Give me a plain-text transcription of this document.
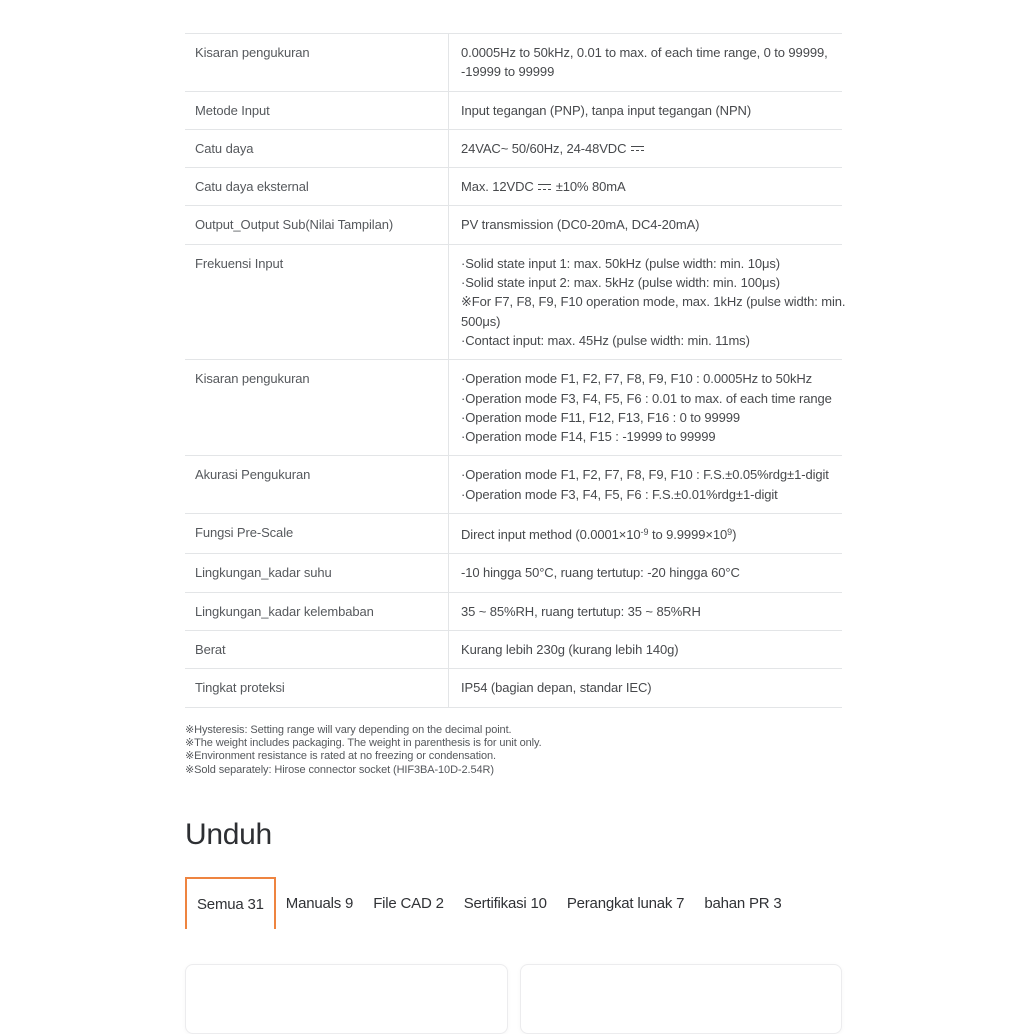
Kisaran pengukuran	0.0005Hz to 50kHz, 0.01 to max. of each time range, 0 to 99999,
-19999 to 99999
Metode Input	Input tegangan (PNP), tanpa input tegangan (NPN)
Catu daya	24VAC~ 50/60Hz, 24-48VDC
Catu daya eksternal	Max. 12VDC  ±10% 80mA
Output_Output Sub(Nilai Tampilan)	PV transmission (DC0-20mA, DC4-20mA)
Frekuensi Input	·Solid state input 1: max. 50kHz (pulse width: min. 10μs)
·Solid state input 2: max. 5kHz (pulse width: min. 100μs)
※For F7, F8, F9, F10 operation mode, max. 1kHz (pulse width: min.
500μs)
·Contact input: max. 45Hz (pulse width: min. 11ms)
Kisaran pengukuran	·Operation mode F1, F2, F7, F8, F9, F10 : 0.0005Hz to 50kHz
·Operation mode F3, F4, F5, F6 : 0.01 to max. of each time range
·Operation mode F11, F12, F13, F16 : 0 to 99999
·Operation mode F14, F15 : -19999 to 99999
Akurasi Pengukuran	·Operation mode F1, F2, F7, F8, F9, F10 : F.S.±0.05%rdg±1-digit
·Operation mode F3, F4, F5, F6 : F.S.±0.01%rdg±1-digit
Fungsi Pre-Scale	Direct input method ($0.0001\times 10^{-9}$ to $9.9999\times 10^9$)
Lingkungan_kadar suhu	-10 hingga 50°C, ruang tertutup: -20 hingga 60°C
Lingkungan_kadar kelembaban	35 ~ 85%RH, ruang tertutup: 35 ~ 85%RH
Berat	Kurang lebih 230g (kurang lebih 140g)
Tingkat proteksi	IP54 (bagian depan, standar IEC)
※Hysteresis: Setting range will vary depending on the decimal point.
※The weight includes packaging. The weight in parenthesis is for unit only.
※Environment resistance is rated at no freezing or condensation.
※Sold separately: Hirose connector socket (HIF3BA-10D-2.54R)
Unduh
Semua 31	Manuals 9	File CAD 2	Sertifikasi 10	Perangkat lunak 7	bahan PR 3
